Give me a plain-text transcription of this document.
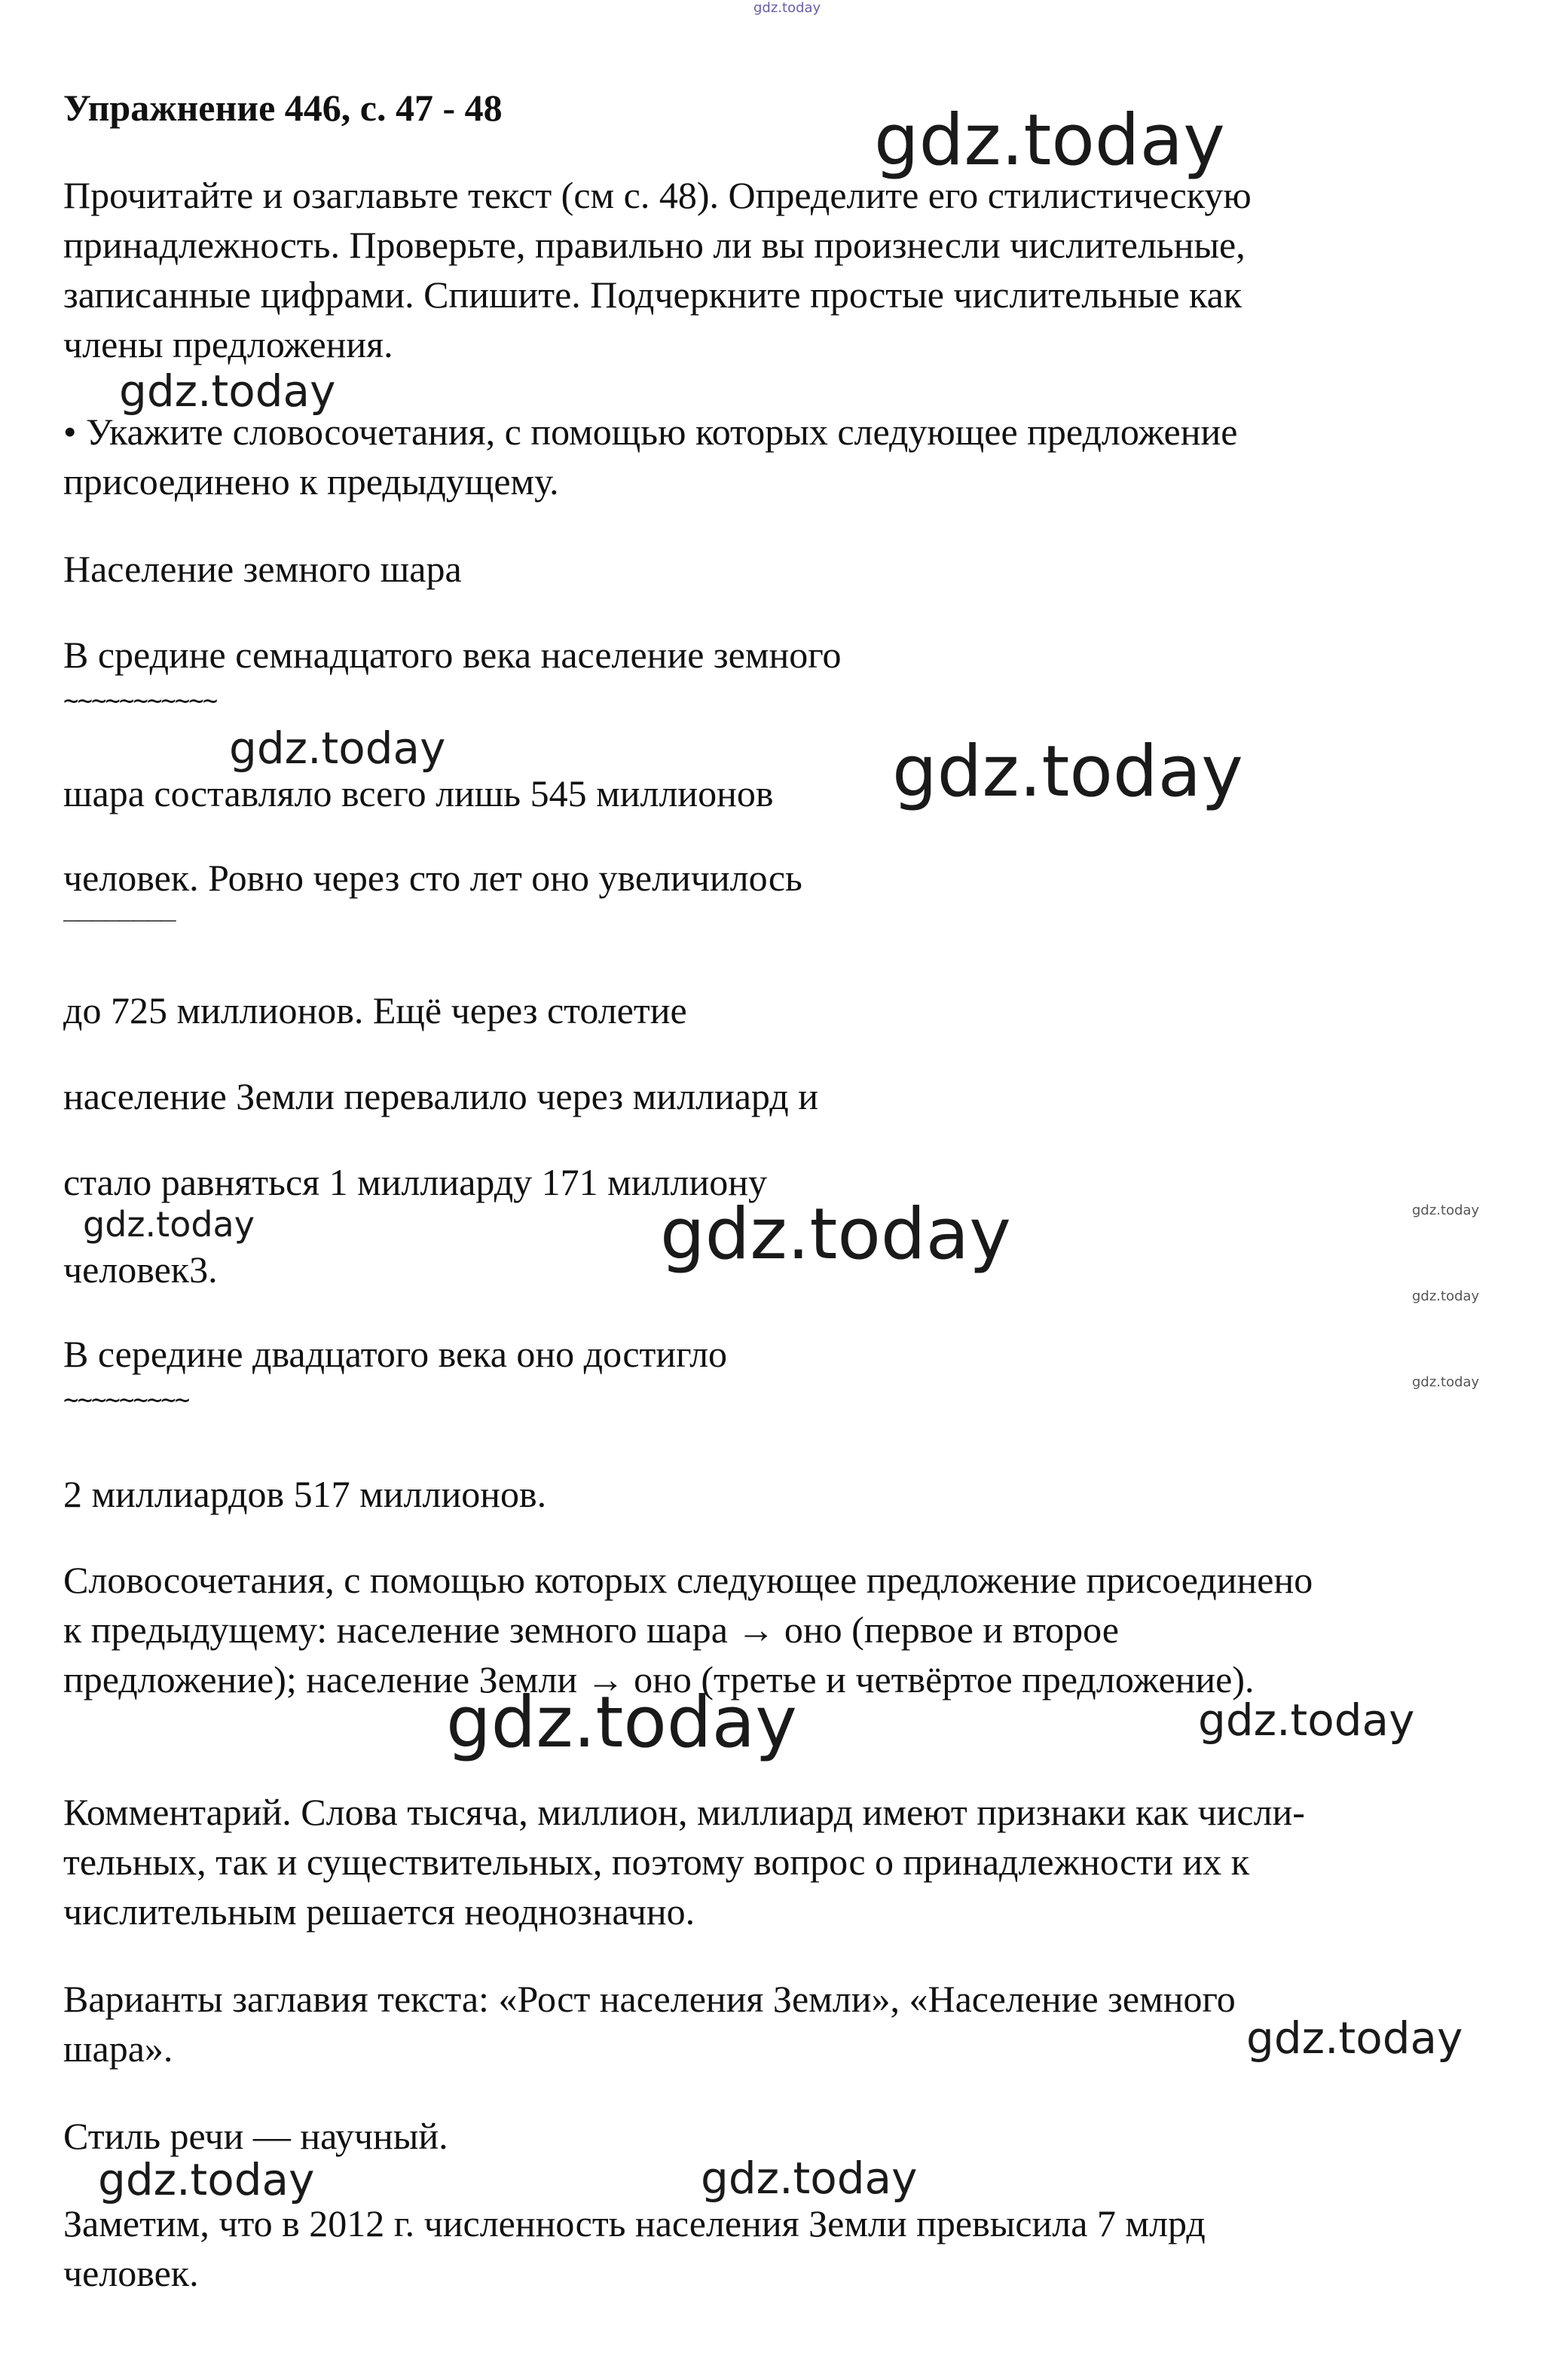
gdz.today

Упражнение 446, с. 47 - 48

Прочитайте и озаглавьте текст (см с. 48). Определите его стилистическую

принадлежность. Проверьте, правильно ли вы произнесли числительные,

записанные цифрами. Спишите. Подчеркните простые числительные как

члены предложения.

• Укажите словосочетания, с помощью которых следующее предложение

присоединено к предыдущему.

Население земного шара

В средине семнадцатого века население земного

~~~~~~~~~~~

шара составляло всего лишь 545 миллионов

человек. Ровно через сто лет оно увеличилось

________

до 725 миллионов. Ещё через столетие

население Земли перевалило через миллиард и

стало равняться 1 миллиарду 171 миллиону

человек3.

В середине двадцатого века оно достигло

~~~~~~~~~

2 миллиардов 517 миллионов.

Словосочетания, с помощью которых следующее предложение присоединено

к предыдущему: население земного шара → оно (первое и второе

предложение); население Земли → оно (третье и четвёртое предложение).

Комментарий. Слова тысяча, миллион, миллиард имеют признаки как числи-

тельных, так и существительных, поэтому вопрос о принадлежности их к

числительным решается неоднозначно.

Варианты заглавия текста: «Рост населения Земли», «Население земного

шара».

Стиль речи — научный.

Заметим, что в 2012 г. численность населения Земли превысила 7 млрд

человек.

gdz.today
gdz.today
gdz.today	gdz.today
gdz.today	gdz.today	gdz.today
gdz.today
gdz.today
gdz.today	gdz.today
gdz.today
gdz.today	gdz.today
